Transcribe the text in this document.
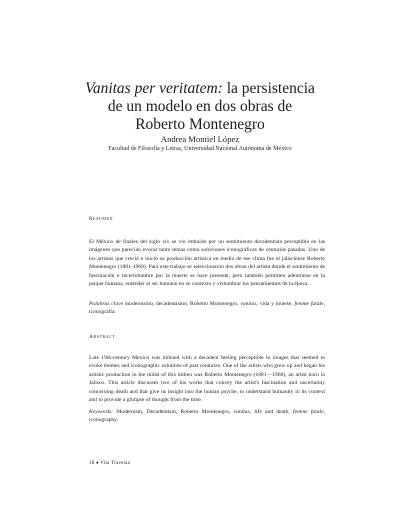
Vanitas per veritatem: la persistencia
de un modelo en dos obras de
Roberto Montenegro
Andrea Montiel López
Facultad de Filosofía y Letras, Universidad Nacional Autónoma de México
Resumen
El México de finales del siglo xix se vio imbuido por un sentimiento decadentista perceptible en las imágenes que parecían evocar tanto temas como soluciones iconográficas de centurias pasadas. Uno de los artistas que creció e inició su producción artística en medio de ese clima fue el jalisciense Roberto Montenegro (1881-1968). Para este trabajo se seleccionaron dos obras del artista donde el sentimiento de fascinación e incertidumbre por la muerte se hace presente, pero también permiten adentrarse en la psique humana, entender al ser humano en su contexto y vislumbrar los pensamientos de la época.
Palabras clave modernismo, decadentismo, Roberto Montenegro, vanitas, vida y muerte, femme fatale, iconografía.
Abstract
Late 19th-century Mexico was imbued with a decadent feeling perceptible in images that seemed to evoke themes and iconographic solutions of past centuries. One of the artists who grew up and began his artistic production in the midst of this milieu was Roberto Montenegro (1881—1968), an artist born in Jalisco. This article discusses two of his works that convey the artist's fascination and uncertainty concerning death and that give us insight into the human psyche, to understand humanity in its context and to provide a glimpse of thought from the time.
Keywords: Modernism, Decadentism, Roberto Montenegro, vanitas, life and death, femme fatale, iconography.
38 ♦ Vita Travesía
